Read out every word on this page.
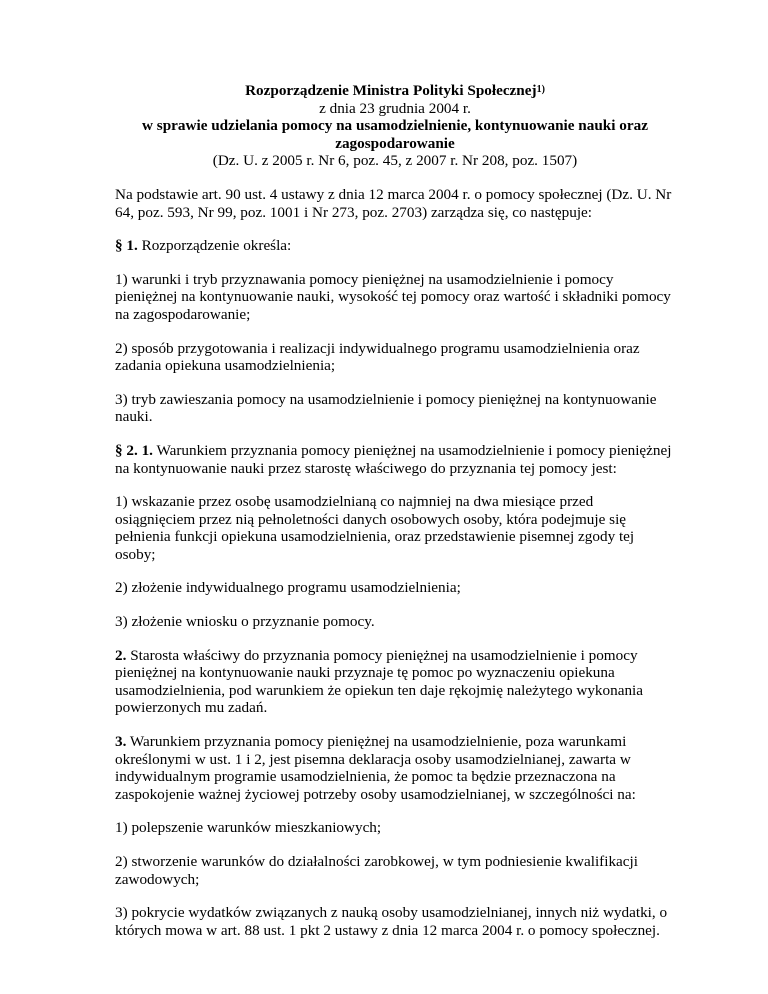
Rozporządzenie Ministra Polityki Społecznej$^{1)}$
z dnia 23 grudnia 2004 r.
w sprawie udzielania pomocy na usamodzielnienie, kontynuowanie nauki oraz zagospodarowanie
(Dz. U. z 2005 r. Nr 6, poz. 45, z 2007 r. Nr 208, poz. 1507)

Na podstawie art. 90 ust. 4 ustawy z dnia 12 marca 2004 r. o pomocy społecznej (Dz. U. Nr 64, poz. 593, Nr 99, poz. 1001 i Nr 273, poz. 2703) zarządza się, co następuje:

§ 1. Rozporządzenie określa:

1) warunki i tryb przyznawania pomocy pieniężnej na usamodzielnienie i pomocy pieniężnej na kontynuowanie nauki, wysokość tej pomocy oraz wartość i składniki pomocy na zagospodarowanie;

2) sposób przygotowania i realizacji indywidualnego programu usamodzielnienia oraz zadania opiekuna usamodzielnienia;

3) tryb zawieszania pomocy na usamodzielnienie i pomocy pieniężnej na kontynuowanie nauki.

§ 2. 1. Warunkiem przyznania pomocy pieniężnej na usamodzielnienie i pomocy pieniężnej na kontynuowanie nauki przez starostę właściwego do przyznania tej pomocy jest:

1) wskazanie przez osobę usamodzielnianą co najmniej na dwa miesiące przed osiągnięciem przez nią pełnoletności danych osobowych osoby, która podejmuje się pełnienia funkcji opiekuna usamodzielnienia, oraz przedstawienie pisemnej zgody tej osoby;

2) złożenie indywidualnego programu usamodzielnienia;

3) złożenie wniosku o przyznanie pomocy.

2. Starosta właściwy do przyznania pomocy pieniężnej na usamodzielnienie i pomocy pieniężnej na kontynuowanie nauki przyznaje tę pomoc po wyznaczeniu opiekuna usamodzielnienia, pod warunkiem że opiekun ten daje rękojmię należytego wykonania powierzonych mu zadań.

3. Warunkiem przyznania pomocy pieniężnej na usamodzielnienie, poza warunkami określonymi w ust. 1 i 2, jest pisemna deklaracja osoby usamodzielnianej, zawarta w indywidualnym programie usamodzielnienia, że pomoc ta będzie przeznaczona na zaspokojenie ważnej życiowej potrzeby osoby usamodzielnianej, w szczególności na:

1) polepszenie warunków mieszkaniowych;

2) stworzenie warunków do działalności zarobkowej, w tym podniesienie kwalifikacji zawodowych;

3) pokrycie wydatków związanych z nauką osoby usamodzielnianej, innych niż wydatki, o których mowa w art. 88 ust. 1 pkt 2 ustawy z dnia 12 marca 2004 r. o pomocy społecznej.
